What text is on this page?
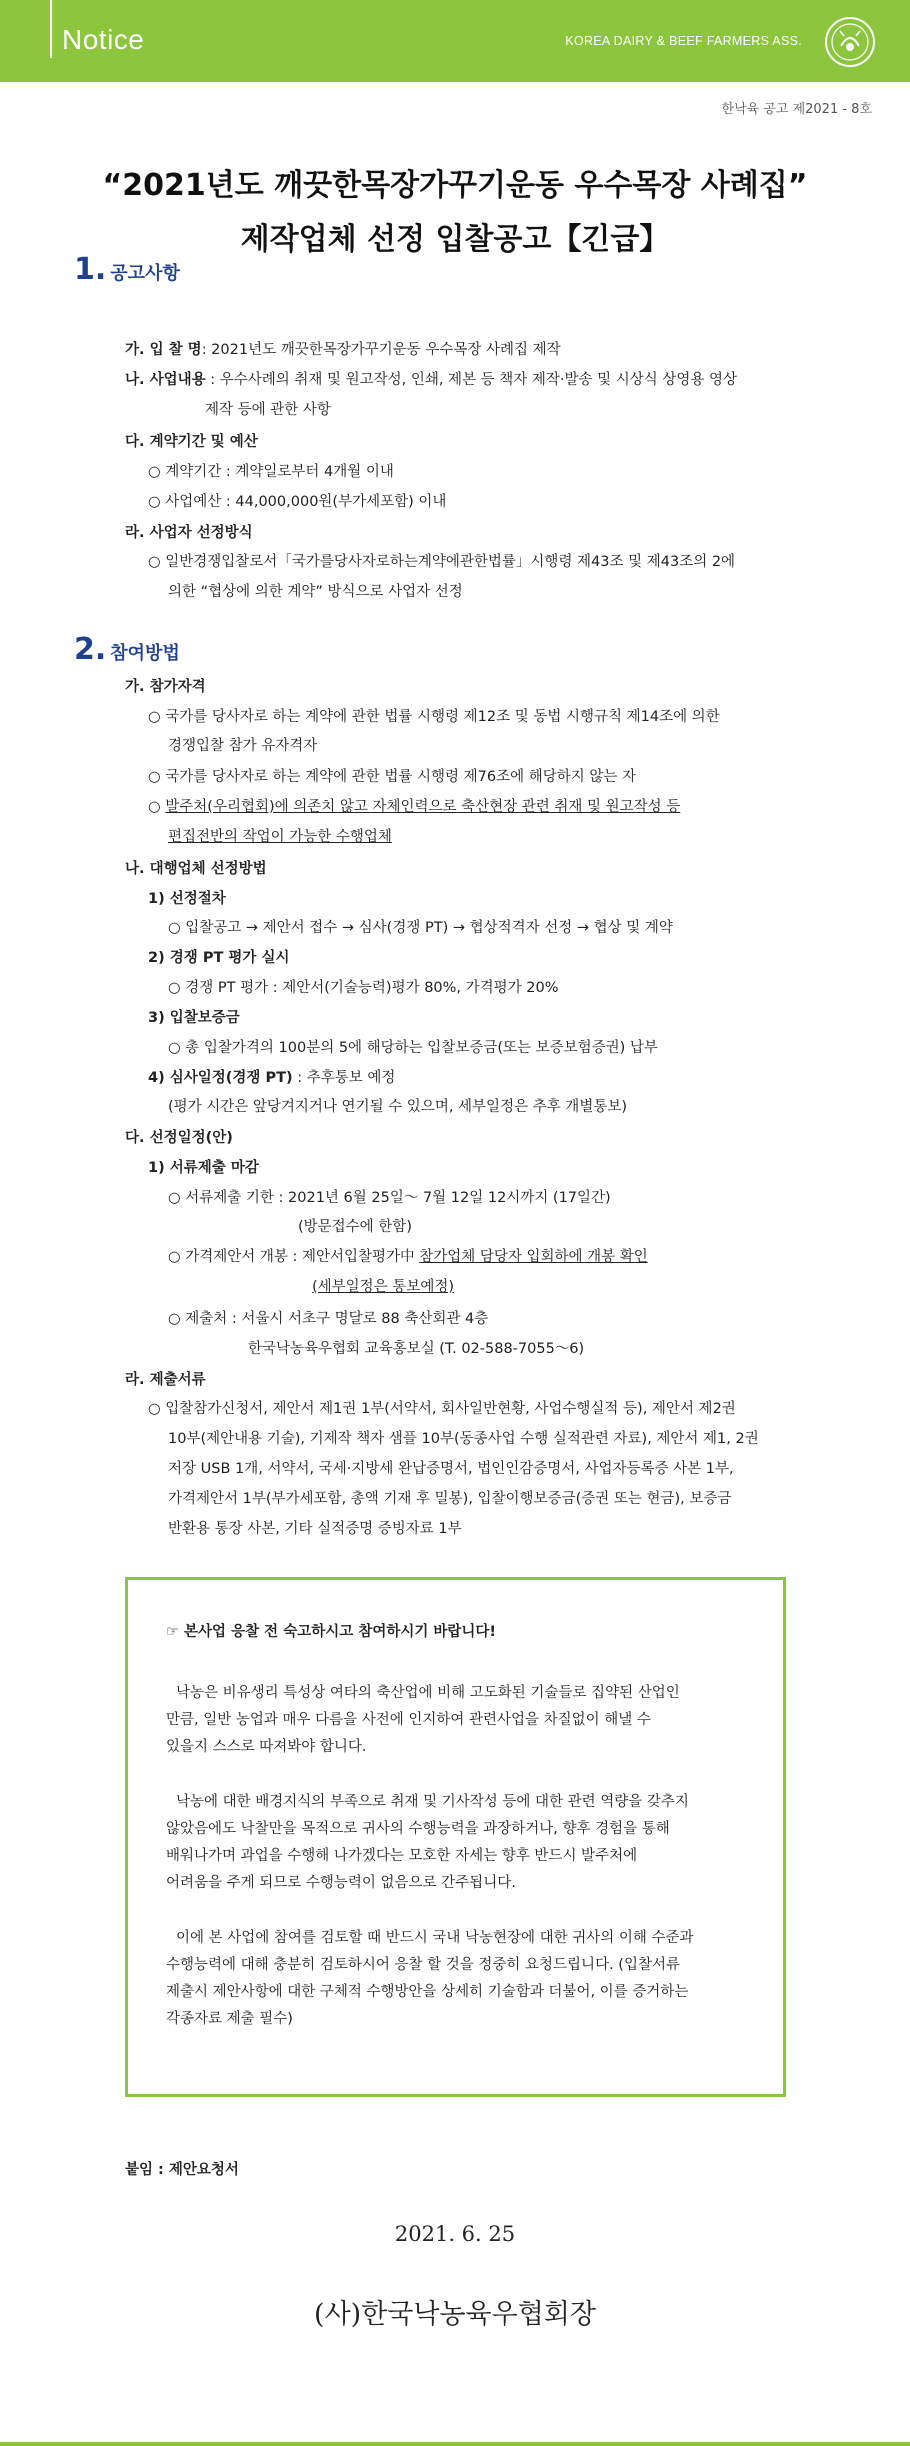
Notice	KOREA DAIRY & BEEF FARMERS ASS.
한낙육 공고 제2021 - 8호
“2021년도 깨끗한목장가꾸기운동 우수목장 사례집”
제작업체 선정 입찰공고【긴급】
1. 공고사항
가. 입 찰 명: 2021년도 깨끗한목장가꾸기운동 우수목장 사례집 제작
나. 사업내용 : 우수사례의 취재 및 원고작성, 인쇄, 제본 등 책자 제작·발송 및 시상식 상영용 영상
제작 등에 관한 사항
다. 계약기간 및 예산
○ 계약기간 : 계약일로부터 4개월 이내
○ 사업예산 : 44,000,000원(부가세포함) 이내
라. 사업자 선정방식
○ 일반경쟁입찰로서「국가를당사자로하는계약에관한법률」시행령 제43조 및 제43조의 2에
의한 “협상에 의한 계약” 방식으로 사업자 선정
2. 참여방법
가. 참가자격
○ 국가를 당사자로 하는 계약에 관한 법률 시행령 제12조 및 동법 시행규칙 제14조에 의한
경쟁입찰 참가 유자격자
○ 국가를 당사자로 하는 계약에 관한 법률 시행령 제76조에 해당하지 않는 자
○ 발주처(우리협회)에 의존치 않고 자체인력으로 축산현장 관련 취재 및 원고작성 등
편집전반의 작업이 가능한 수행업체
나. 대행업체 선정방법
1) 선정절차
○ 입찰공고 → 제안서 접수 → 심사(경쟁 PT) → 협상적격자 선정 → 협상 및 계약
2) 경쟁 PT 평가 실시
○ 경쟁 PT 평가 : 제안서(기술능력)평가 80%, 가격평가 20%
3) 입찰보증금
○ 총 입찰가격의 100분의 5에 해당하는 입찰보증금(또는 보증보험증권) 납부
4) 심사일정(경쟁 PT) : 추후통보 예정
(평가 시간은 앞당겨지거나 연기될 수 있으며, 세부일정은 추후 개별통보)
다. 선정일정(안)
1) 서류제출 마감
○ 서류제출 기한 : 2021년 6월 25일～ 7월 12일 12시까지 (17일간)
(방문접수에 한함)
○ 가격제안서 개봉 : 제안서입찰평가中 참가업체 담당자 입회하에 개봉 확인
(세부일정은 통보예정)
○ 제출처 : 서울시 서초구 명달로 88 축산회관 4층
한국낙농육우협회 교육홍보실 (T. 02-588-7055～6)
라. 제출서류
○ 입찰참가신청서, 제안서 제1권 1부(서약서, 회사일반현황, 사업수행실적 등), 제안서 제2권
10부(제안내용 기술), 기제작 책자 샘플 10부(동종사업 수행 실적관련 자료), 제안서 제1, 2권
저장 USB 1개, 서약서, 국세·지방세 완납증명서, 법인인감증명서, 사업자등록증 사본 1부,
가격제안서 1부(부가세포함, 총액 기재 후 밀봉), 입찰이행보증금(증권 또는 현금), 보증금
반환용 통장 사본, 기타 실적증명 증빙자료 1부
☞ 본사업 응찰 전 숙고하시고 참여하시기 바랍니다!
낙농은 비유생리 특성상 여타의 축산업에 비해 고도화된 기술들로 집약된 산업인
만큼, 일반 농업과 매우 다름을 사전에 인지하여 관련사업을 차질없이 해낼 수
있을지 스스로 따져봐야 합니다.
낙농에 대한 배경지식의 부족으로 취재 및 기사작성 등에 대한 관련 역량을 갖추지
않았음에도 낙찰만을 목적으로 귀사의 수행능력을 과장하거나, 향후 경험을 통해
배워나가며 과업을 수행해 나가겠다는 모호한 자세는 향후 반드시 발주처에
어려움을 주게 되므로 수행능력이 없음으로 간주됩니다.
이에 본 사업에 참여를 검토할 때 반드시 국내 낙농현장에 대한 귀사의 이해 수준과
수행능력에 대해 충분히 검토하시어 응찰 할 것을 정중히 요청드립니다. (입찰서류
제출시 제안사항에 대한 구체적 수행방안을 상세히 기술함과 더불어, 이를 증거하는
각종자료 제출 필수)
붙임 : 제안요청서
2021. 6. 25
(사)한국낙농육우협회장
